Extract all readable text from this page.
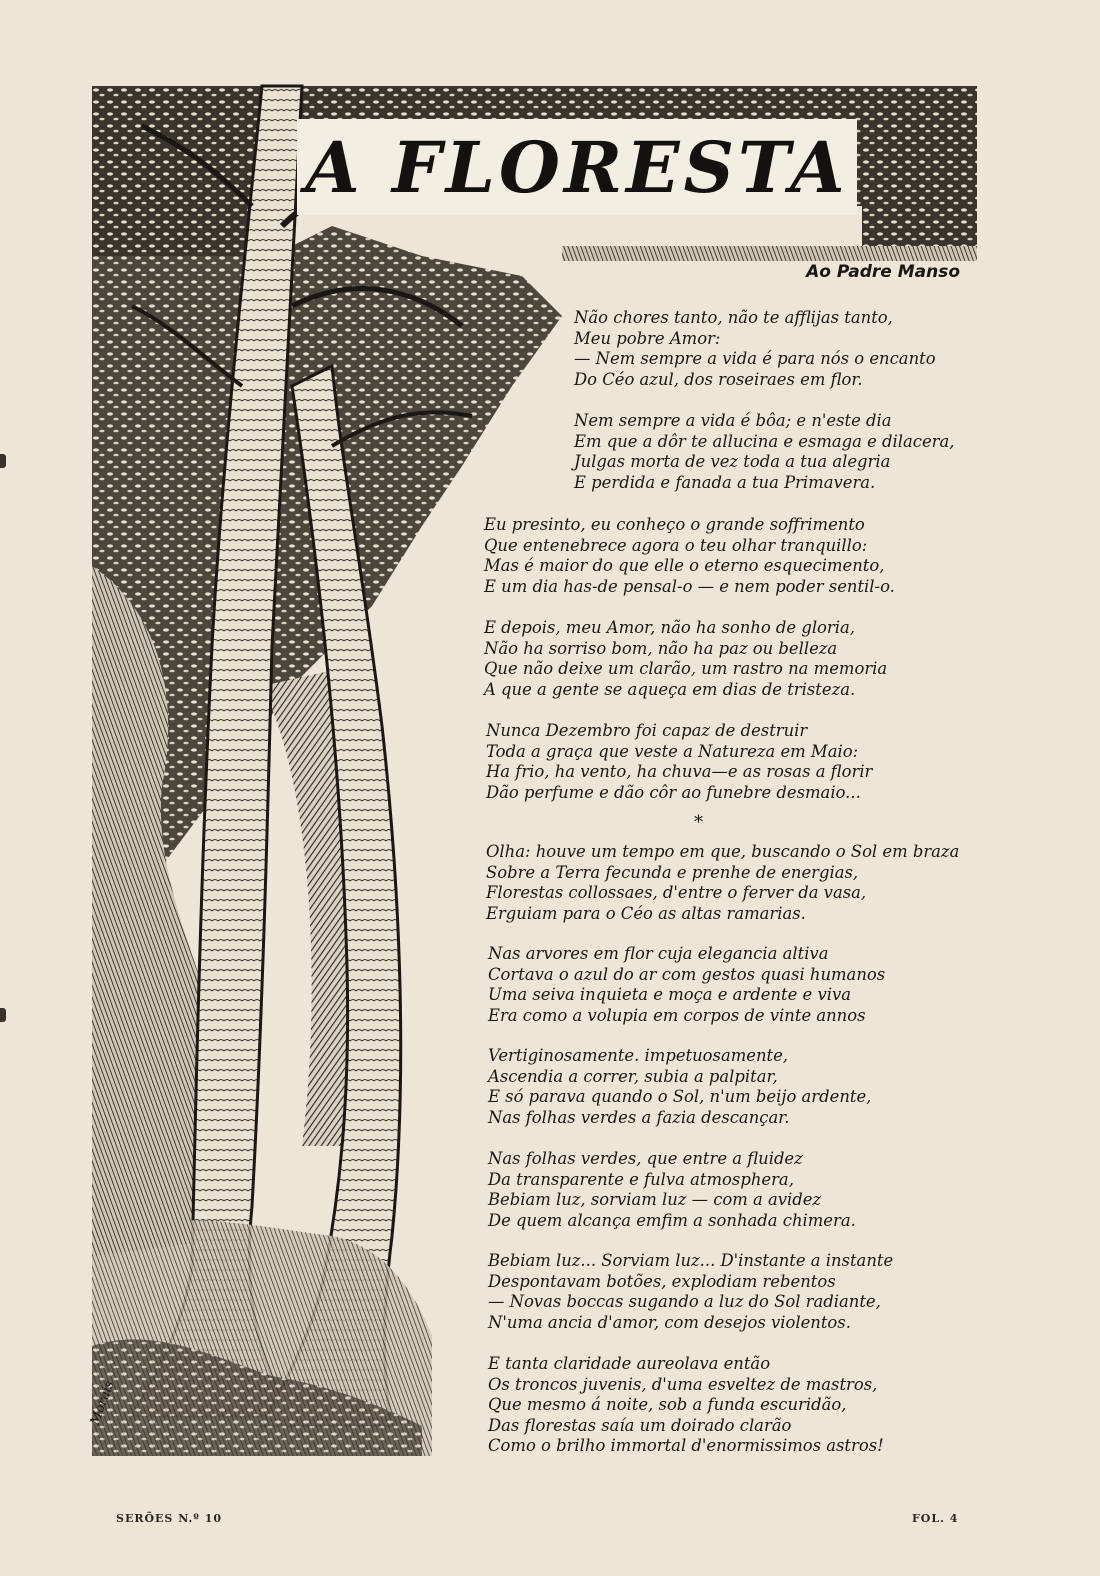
Morais
A FLORESTA
Ao Padre Manso
Não chores tanto, não te afflijas tanto,
Meu pobre Amor:
— Nem sempre a vida é para nós o encanto
Do Céo azul, dos roseiraes em flor.
Nem sempre a vida é bôa; e n'este dia
Em que a dôr te allucina e esmaga e dilacera,
Julgas morta de vez toda a tua alegria
E perdida e fanada a tua Primavera.
Eu presinto, eu conheço o grande soffrimento
Que entenebrece agora o teu olhar tranquillo:
Mas é maior do que elle o eterno esquecimento,
E um dia has-de pensal-o — e nem poder sentil-o.
E depois, meu Amor, não ha sonho de gloria,
Não ha sorriso bom, não ha paz ou belleza
Que não deixe um clarão, um rastro na memoria
A que a gente se aqueça em dias de tristeza.
Nunca Dezembro foi capaz de destruir
Toda a graça que veste a Natureza em Maio:
Ha frio, ha vento, ha chuva—e as rosas a florir
Dão perfume e dão côr ao funebre desmaio...
*
Olha: houve um tempo em que, buscando o Sol em braza
Sobre a Terra fecunda e prenhe de energias,
Florestas collossaes, d'entre o ferver da vasa,
Erguiam para o Céo as altas ramarias.
Nas arvores em flor cuja elegancia altiva
Cortava o azul do ar com gestos quasi humanos
Uma seiva inquieta e moça e ardente e viva
Era como a volupia em corpos de vinte annos
Vertiginosamente. impetuosamente,
Ascendia a correr, subia a palpitar,
E só parava quando o Sol, n'um beijo ardente,
Nas folhas verdes a fazia descançar.
Nas folhas verdes, que entre a fluidez
Da transparente e fulva atmosphera,
Bebiam luz, sorviam luz — com a avidez
De quem alcança emfim a sonhada chimera.
Bebiam luz... Sorviam luz... D'instante a instante
Despontavam botões, explodiam rebentos
— Novas boccas sugando a luz do Sol radiante,
N'uma ancia d'amor, com desejos violentos.
E tanta claridade aureolava então
Os troncos juvenis, d'uma esveltez de mastros,
Que mesmo á noite, sob a funda escuridão,
Das florestas saía um doirado clarão
Como o brilho immortal d'enormissimos astros!
SERÕES N.º 10	FOL. 4
